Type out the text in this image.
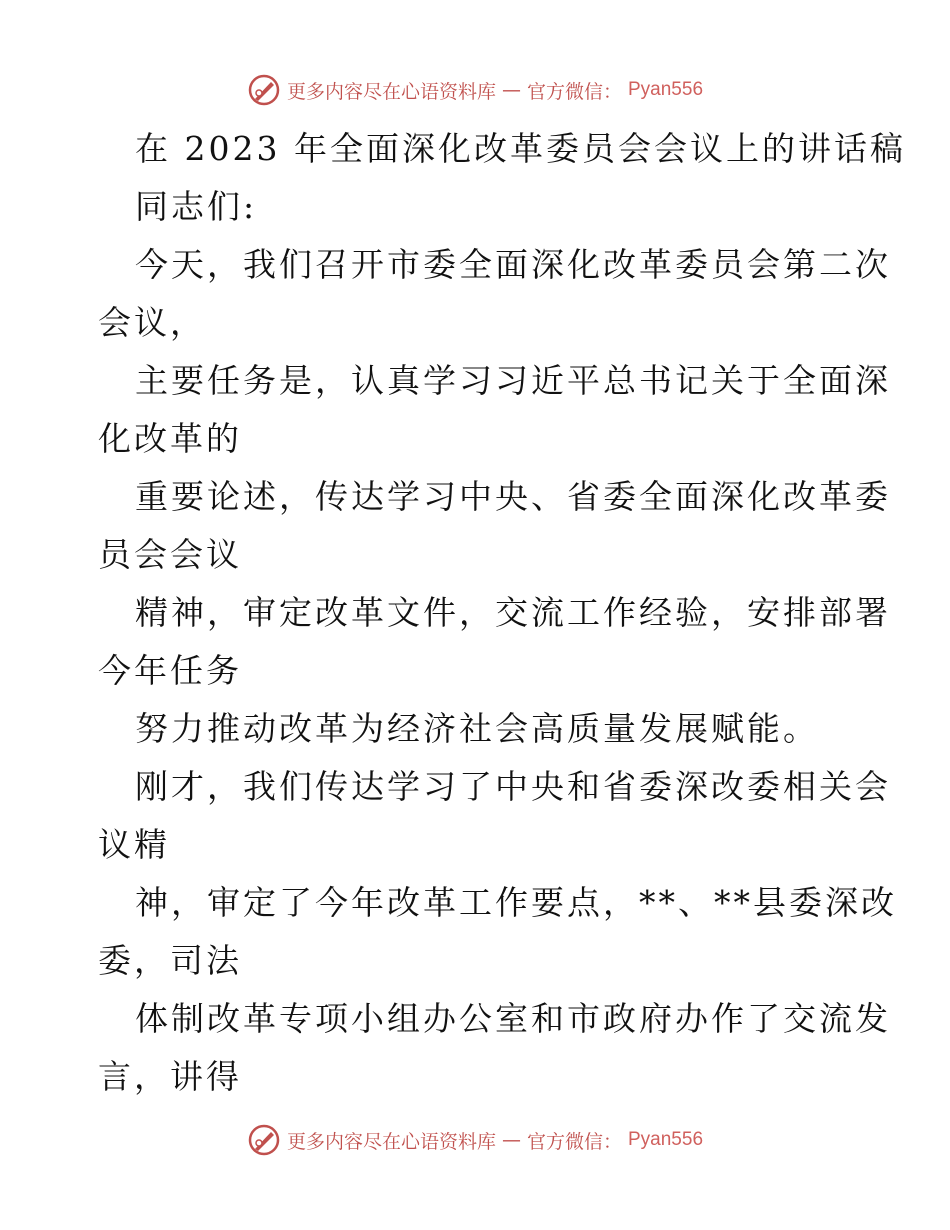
更多内容尽在心语资料库 — 官方微信： Pyan556
在 2023 年全面深化改革委员会会议上的讲话稿
同志们:
今天，我们召开市委全面深化改革委员会第二次
会议，
主要任务是，认真学习习近平总书记关于全面深
化改革的
重要论述，传达学习中央、省委全面深化改革委
员会会议
精神，审定改革文件，交流工作经验，安排部署
今年任务
努力推动改革为经济社会高质量发展赋能。
刚才，我们传达学习了中央和省委深改委相关会
议精
神，审定了今年改革工作要点，**、**县委深改
委，司法
体制改革专项小组办公室和市政府办作了交流发
言，讲得
更多内容尽在心语资料库 — 官方微信： Pyan556
